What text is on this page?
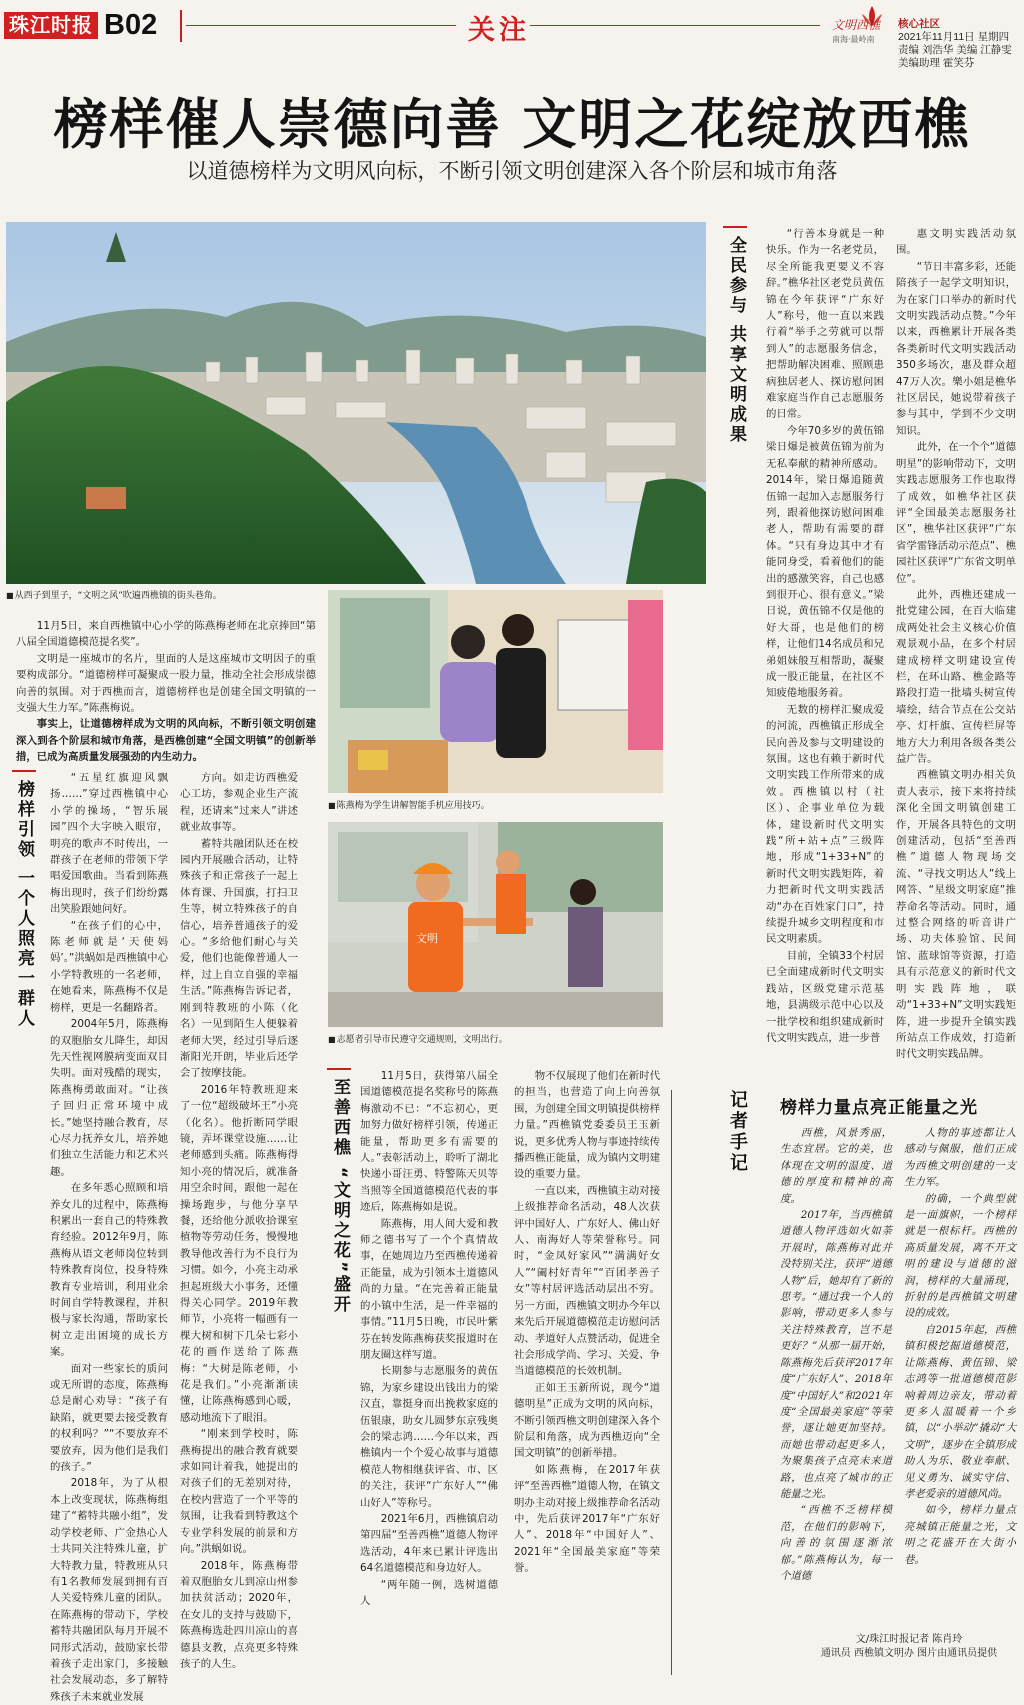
珠江时报 B02	关注	文明西樵
南海·最岭南
核心社区
2021年11月11日 星期四
责编 刘浩华 美编 江静雯
美编助理 霍笑芬
榜样催人崇德向善 文明之花绽放西樵
以道德榜样为文明风向标，不断引领文明创建深入各个阶层和城市角落
■ 从西子到里子，“文明之风”吹遍西樵镇的街头巷角。

11月5日，来自西樵镇中心小学的陈燕梅老师在北京捧回“第八届全国道德模范提名奖”。

文明是一座城市的名片，里面的人是这座城市文明因子的重要构成部分。“道德榜样可凝聚成一股力量，推动全社会形成崇德向善的氛围。对于西樵而言，道德榜样也是创建全国文明镇的一支强大生力军。”陈燕梅说。

事实上，让道德榜样成为文明的风向标，不断引领文明创建深入到各个阶层和城市角落，是西樵创建“全国文明镇”的创新举措，已成为高质量发展强劲的内生动力。

■ 陈燕梅为学生讲解智能手机应用技巧。
文明
■ 志愿者引导市民遵守交通规则，文明出行。
榜样引领 一个人照亮一群人

“五星红旗迎风飘扬……”穿过西樵镇中心小学的操场，“智乐展园”四个大字映入眼帘，明亮的歌声不时传出，一群孩子在老师的带领下学唱爱国歌曲。当看到陈燕梅出现时，孩子们纷纷露出笑脸跟她问好。

“在孩子们的心中，陈老师就是‘天使妈妈’。”洪蜗如是西樵镇中心小学特教班的一名老师，在她看来，陈燕梅不仅是榜样，更是一名翻路者。

2004年5月，陈燕梅的双胞胎女儿降生，却因先天性视网膜病变面双目失明。面对残酷的现实，陈燕梅勇敢面对。“让孩子回归正常环境中成长。”她坚持融合教育，尽心尽力抚养女儿，培养她们独立生活能力和艺术兴趣。

在多年悉心照顾和培养女儿的过程中，陈燕梅积累出一套自己的特殊教育经验。2012年9月，陈燕梅从语文老师岗位转到特殊教育岗位，投身特殊教育专业培训，利用业余时间自学特教课程，并积极与家长沟通，帮助家长树立走出困境的成长方案。

面对一些家长的质问或无所谓的态度，陈燕梅总是耐心劝导：“孩子有缺陷，就更要去接受教育的权利吗？”“不要放弃不要放弃，因为他们是我们的孩子。”

2018年，为了从根本上改变现状，陈燕梅组建了“蓄特共融小组”，发动学校老师、广金热心人士共同关注特殊儿童，扩大特教力量，特教班从只有1名教师发展到拥有百人关爱特殊儿童的团队。在陈燕梅的带动下，学校蓄特共融团队每月开展不同形式活动，鼓励家长带着孩子走出家门，多接触社会发展动态，多了解特殊孩子未来就业发展

方向。如走访西樵爱心工坊，参观企业生产流程，还请来“过来人”讲述就业故事等。

蓄特共融团队还在校园内开展融合活动，让特殊孩子和正常孩子一起上体育课、升国旗，打扫卫生等，树立特殊孩子的自信心，培养普通孩子的爱心。“多给他们耐心与关爱，他们也能像普通人一样，过上自立自强的幸福生活。”陈燕梅告诉记者，刚到特教班的小陈（化名）一见到陌生人便躲着老师大哭，经过引导后逐渐阳光开朗，毕业后还学会了按摩技能。

2016年特教班迎来了一位“超级破坏王”小亮（化名）。他折断同学眼镜，弄坏课堂设施……让老师感到头痛。陈燕梅得知小亮的情况后，就准备用空余时间，跟他一起在操场跑步，与他分享早餐，还给他分派收拾课室植物等劳动任务，慢慢地教导他改善行为不良行为习惯。如今，小亮主动承担起班级大小事务，还懂得关心同学。2019年教师节，小亮将一幅画有一棵大树和树下几朵七彩小花的画作送给了陈燕梅：“大树是陈老师，小花是我们。”小亮渐渐读懂，让陈燕梅感到心暖，感动地流下了眼泪。

“刚来到学校时，陈燕梅提出的融合教育就要求如同计着我，她提出的对孩子们的无差别对待，在校内营造了一个平等的氛围，让我看到特教这个专业学科发展的前景和方向。”洪蜗如说。

2018年，陈燕梅带着双胞胎女儿到凉山州参加扶贫活动；2020年，在女儿的支持与鼓励下，陈燕梅选赴四川凉山的喜德县支教，点亮更多特殊孩子的人生。

至善西樵 “文明之花”盛开

11月5日，获得第八届全国道德模范提名奖称号的陈燕梅激动不已：“不忘初心，更加努力做好榜样引领，传递正能量，帮助更多有需要的人。”表彰活动上，聆听了湖北快递小哥汪勇、特警陈天贝等当照等全国道德模范代表的事迹后，陈燕梅如是说。

陈燕梅，用人间大爱和教师之德书写了一个个真情故事，在她周边乃至西樵传递着正能量，成为引领本土道德风尚的力量。“在完善着正能量的小镇中生活，是一件幸福的事情。”11月5日晚，市民叶紫芬在转发陈燕梅获奖报道时在朋友圈这样写道。

长期参与志愿服务的黄伍锦，为家乡建设出钱出力的梁汉直，靠挺身而出挽救家庭的伍银康，助女儿圆梦东京残奥会的梁志鸿……今年以来，西樵镇内一个个爱心故事与道德模范人物相继获评省、市、区的关注，获评“广东好人”“佛山好人”等称号。

2021年6月，西樵镇启动第四届“至善西樵”道德人物评选活动，4年来已累计评选出64名道德模范和身边好人。

“两年随一例，选树道德人

物不仅展现了他们在新时代的担当，也营造了向上向善氛围，为创建全国文明镇提供榜样力量。”西樵镇党委委员王玉新说，更多优秀人物与事迹持续传播西樵正能量，成为镇内文明建设的重要力量。

一直以来，西樵镇主动对接上级推荐命名活动，48人次获评中国好人、广东好人、佛山好人、南海好人等荣誉称号。同时，“金凤好家风”“满满好女人”“阖村好青年”“百团孝善子女”等村居评选活动层出不穷。另一方面，西樵镇文明办今年以来先后开展道德模范走访慰问活动、孝道好人点赞活动，促进全社会形成学尚、学习、关爱、争当道德模范的长效机制。

正如王玉新所说，现今“道德明星”正成为文明的风向标，不断引领西樵文明创建深入各个阶层和角落，成为西樵迈向“全国文明镇”的创新举措。

如陈燕梅，在2017年获评“至善西樵”道德人物，在镇文明办主动对接上级推荐命名活动中，先后获评2017年“广东好人”、2018年“中国好人”、2021年“全国最美家庭”等荣誉。

全民参与 共享文明成果

“行善本身就是一种快乐。作为一名老党员，尽全所能我更要义不容辞。”樵华社区老党员黄伍锦在今年获评“广东好人”称号，他一直以来践行着“举手之劳就可以帮到人”的志愿服务信念，把帮助解决困难、照顾患病独居老人、探访慰问困难家庭当作自己志愿服务的日常。

今年70多岁的黄伍锦梁日爆是被黄伍锦为前为无私奉献的精神所感动。2014年，梁日爆追随黄伍锦一起加入志愿服务行列，跟着他探访慰问困难老人，帮助有需要的群体。“只有身边其中才有能同身受，看着他们的能出的感激笑容，自己也感到很开心、很有意义。”梁日说，黄伍锦不仅是他的好大哥，也是他们的榜样，让他们14名成员和兄弟姐妹般互相帮助，凝聚成一股正能量，在社区不知疲倦地服务着。

无数的榜样汇聚成爱的河流，西樵镇正形成全民向善及参与文明建设的氛围。这也有赖于新时代文明实践工作所带来的成效。西樵镇以村（社区）、企事业单位为载体，建设新时代文明实践“所+站+点”三级阵地，形成“1+33+N”的新时代文明实践矩阵，着力把新时代文明实践活动“办在百姓家门口”，持续提升城乡文明程度和市民文明素质。

目前，全镇33个村居已全面建成新时代文明实践站，区级党建示范基地，县满级示范中心以及一批学校和组织建成新时代文明实践点，进一步普

惠文明实践活动氛围。

“节日丰富多彩，还能陪孩子一起学文明知识，为在家门口举办的新时代文明实践活动点赞。”今年以来，西樵累计开展各类各类新时代文明实践活动350多场次，惠及群众超47万人次。樂小姐是樵华社区居民，她说带着孩子参与其中，学到不少文明知识。

此外，在一个个“道德明星”的影响带动下，文明实践志愿服务工作也取得了成效，如樵华社区获评“全国最美志愿服务社区”，樵华社区获评“广东省学雷锋活动示范点”、樵园社区获评“广东省文明单位”。

此外，西樵还建成一批党建公园，在百大临建成两处社会主义核心价值观景观小品，在多个村居建成榜样文明建设宣传栏，在环山路、樵金路等路段打造一批墙头树宣传墙绘，结合节点在公交站亭、灯杆旗、宣传栏屏等地方大力利用各级各类公益广告。

西樵镇文明办相关负责人表示，接下来将持续深化全国文明镇创建工作，开展各具特色的文明创建活动，包括“至善西樵”道德人物现场交流、“寻找文明达人”线上网答、“星级文明家庭”推荐命名等活动。同时，通过整合网络的听音讲广场、功夫体验馆、民间馆、蓝球馆等资源，打造具有示范意义的新时代文明实践阵地，联动“1+33+N”文明实践矩阵，进一步提升全镇实践所站点工作成效，打造新时代文明实践品牌。

记者手记 榜样力量点亮正能量之光

西樵，风景秀丽，生态宜居。它的美，也体现在文明的温度、道德的厚度和精神的高度。

2017年，当西樵镇道德人物评选如火如荼开展时，陈燕梅对此并没特别关注，获评“道德人物”后，她却有了新的思考。“通过我一个人的影响，带动更多人参与关注特殊教育，岂不是更好？”从那一届开始，陈燕梅先后获评2017年度“广东好人”、2018年度“中国好人”和2021年度“全国最美家庭”等荣誉，逐让她更加坚持。而她也带动起更多人，为聚集孩子点亮未来道路，也点亮了城市的正能量之光。

“西樵不乏榜样模范，在他们的影响下，向善的氛围逐渐浓郁。”陈燕梅认为，每一个道德

人物的事迹都让人感动与佩服，他们正成为西樵文明创建的一支生力军。

的确，一个典型就是一面旗帜，一个榜样就是一根标杆。西樵的高质量发展，离不开文明的建设与道德的滋润，榜样的大量涌现，折射的是西樵镇文明建设的成效。

自2015年起，西樵镇积极挖掘道德模范，让陈燕梅、黄伍锦、梁志鸿等一批道德模范影响着周边亲友，带动着更多人温暖着一个乡镇，以“小举动”撬动“大文明”，逐步在全镇形成助人为乐、敬业奉献、见义勇为、诚实守信、孝老爱亲的道德风尚。

如今，榜样力量点亮城镇正能量之光，文明之花盛开在大街小巷。

文/珠江时报记者 陈肖玲
通讯员 西樵镇文明办 图片由通讯员提供
